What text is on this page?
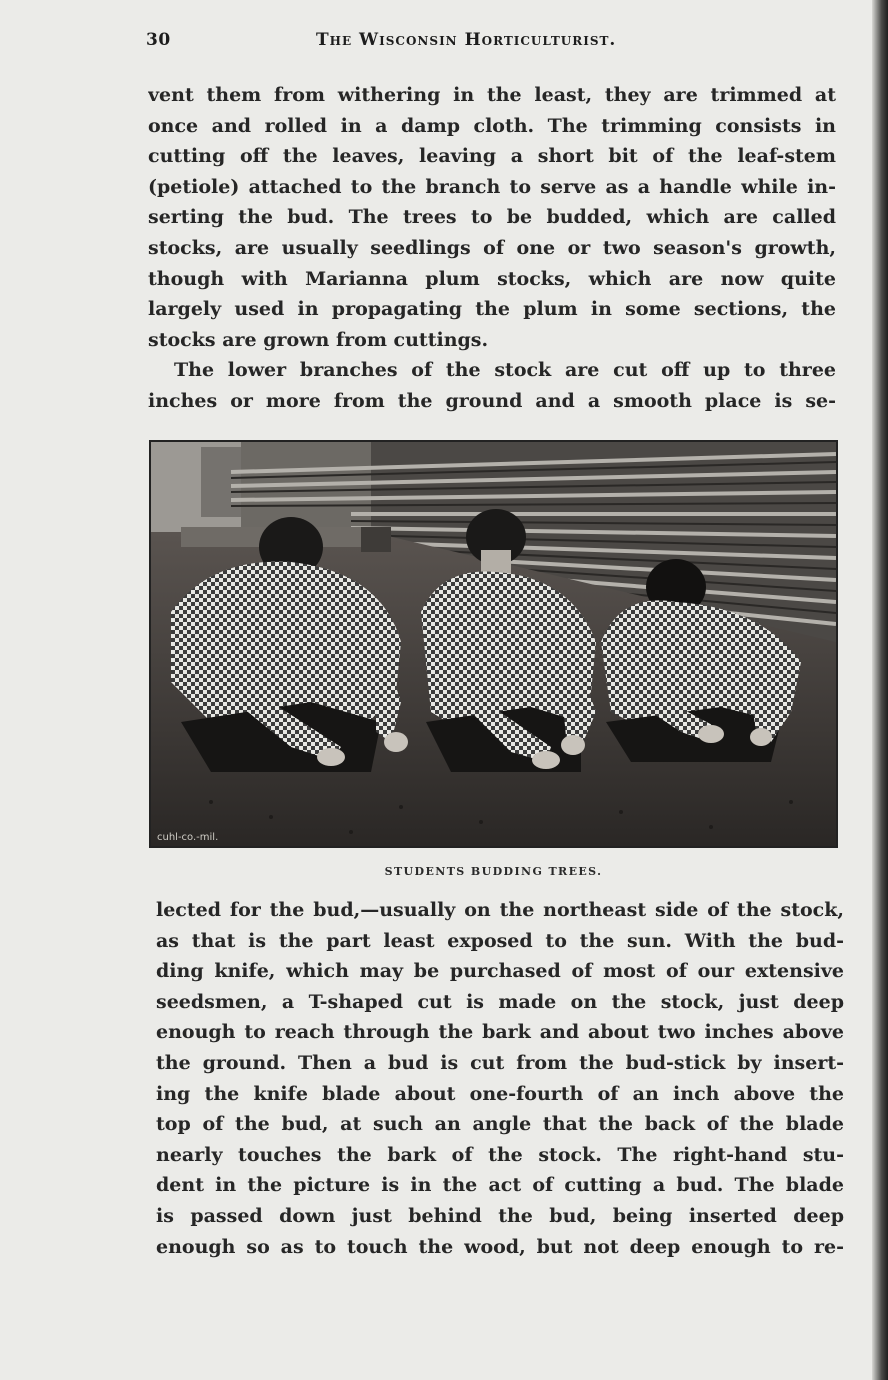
30	The Wisconsin Horticulturist.
vent them from withering in the least, they are trimmed at
once and rolled in a damp cloth. The trimming consists in
cutting off the leaves, leaving a short bit of the leaf-stem
(petiole) attached to the branch to serve as a handle while in-
serting the bud. The trees to be budded, which are called
stocks, are usually seedlings of one or two season's growth,
though with Marianna plum stocks, which are now quite
largely used in propagating the plum in some sections, the
stocks are grown from cuttings.
The lower branches of the stock are cut off up to three
inches or more from the ground and a smooth place is se-
cuhl-co.-mil.
STUDENTS BUDDING TREES.
lected for the bud,—usually on the northeast side of the stock,
as that is the part least exposed to the sun. With the bud-
ding knife, which may be purchased of most of our extensive
seedsmen, a T-shaped cut is made on the stock, just deep
enough to reach through the bark and about two inches above
the ground. Then a bud is cut from the bud-stick by insert-
ing the knife blade about one-fourth of an inch above the
top of the bud, at such an angle that the back of the blade
nearly touches the bark of the stock. The right-hand stu-
dent in the picture is in the act of cutting a bud. The blade
is passed down just behind the bud, being inserted deep
enough so as to touch the wood, but not deep enough to re-
